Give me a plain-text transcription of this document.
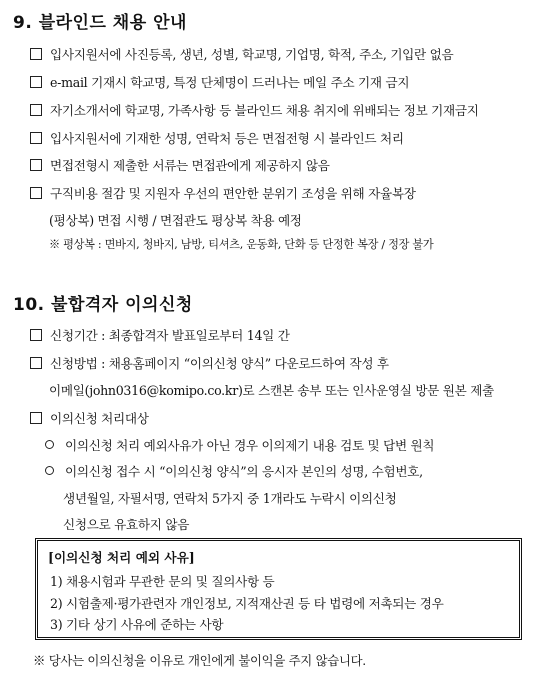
9. 블라인드 채용 안내
입사지원서에 사진등록, 생년, 성별, 학교명, 기업명, 학적, 주소, 기입란 없음
e-mail 기재시 학교명, 특정 단체명이 드러나는 메일 주소 기재 금지
자기소개서에 학교명, 가족사항 등 블라인드 채용 취지에 위배되는 정보 기재금지
입사지원서에 기재한 성명, 연락처 등은 면접전형 시 블라인드 처리
면접전형시 제출한 서류는 면접관에게 제공하지 않음
구직비용 절감 및 지원자 우선의 편안한 분위기 조성을 위해 자율복장
(평상복) 면접 시행 / 면접관도 평상복 착용 예정
※ 평상복 : 면바지, 청바지, 남방, 티셔츠, 운동화, 단화 등 단정한 복장 / 정장 불가
10. 불합격자 이의신청
신청기간 : 최종합격자 발표일로부터 14일 간
신청방법 : 채용홈페이지 “이의신청 양식” 다운로드하여 작성 후
이메일(john0316@komipo.co.kr)로 스캔본 송부 또는 인사운영실 방문 원본 제출
이의신청 처리대상
이의신청 처리 예외사유가 아닌 경우 이의제기 내용 검토 및 답변 원칙
이의신청 접수 시 “이의신청 양식”의 응시자 본인의 성명, 수험번호,
생년월일, 자필서명, 연락처 5가지 중 1개라도 누락시 이의신청
신청으로 유효하지 않음
[이의신청 처리 예외 사유]
1) 채용시험과 무관한 문의 및 질의사항 등
2) 시험출제·평가관련자 개인정보, 지적재산권 등 타 법령에 저촉되는 경우
3) 기타 상기 사유에 준하는 사항
※ 당사는 이의신청을 이유로 개인에게 불이익을 주지 않습니다.
